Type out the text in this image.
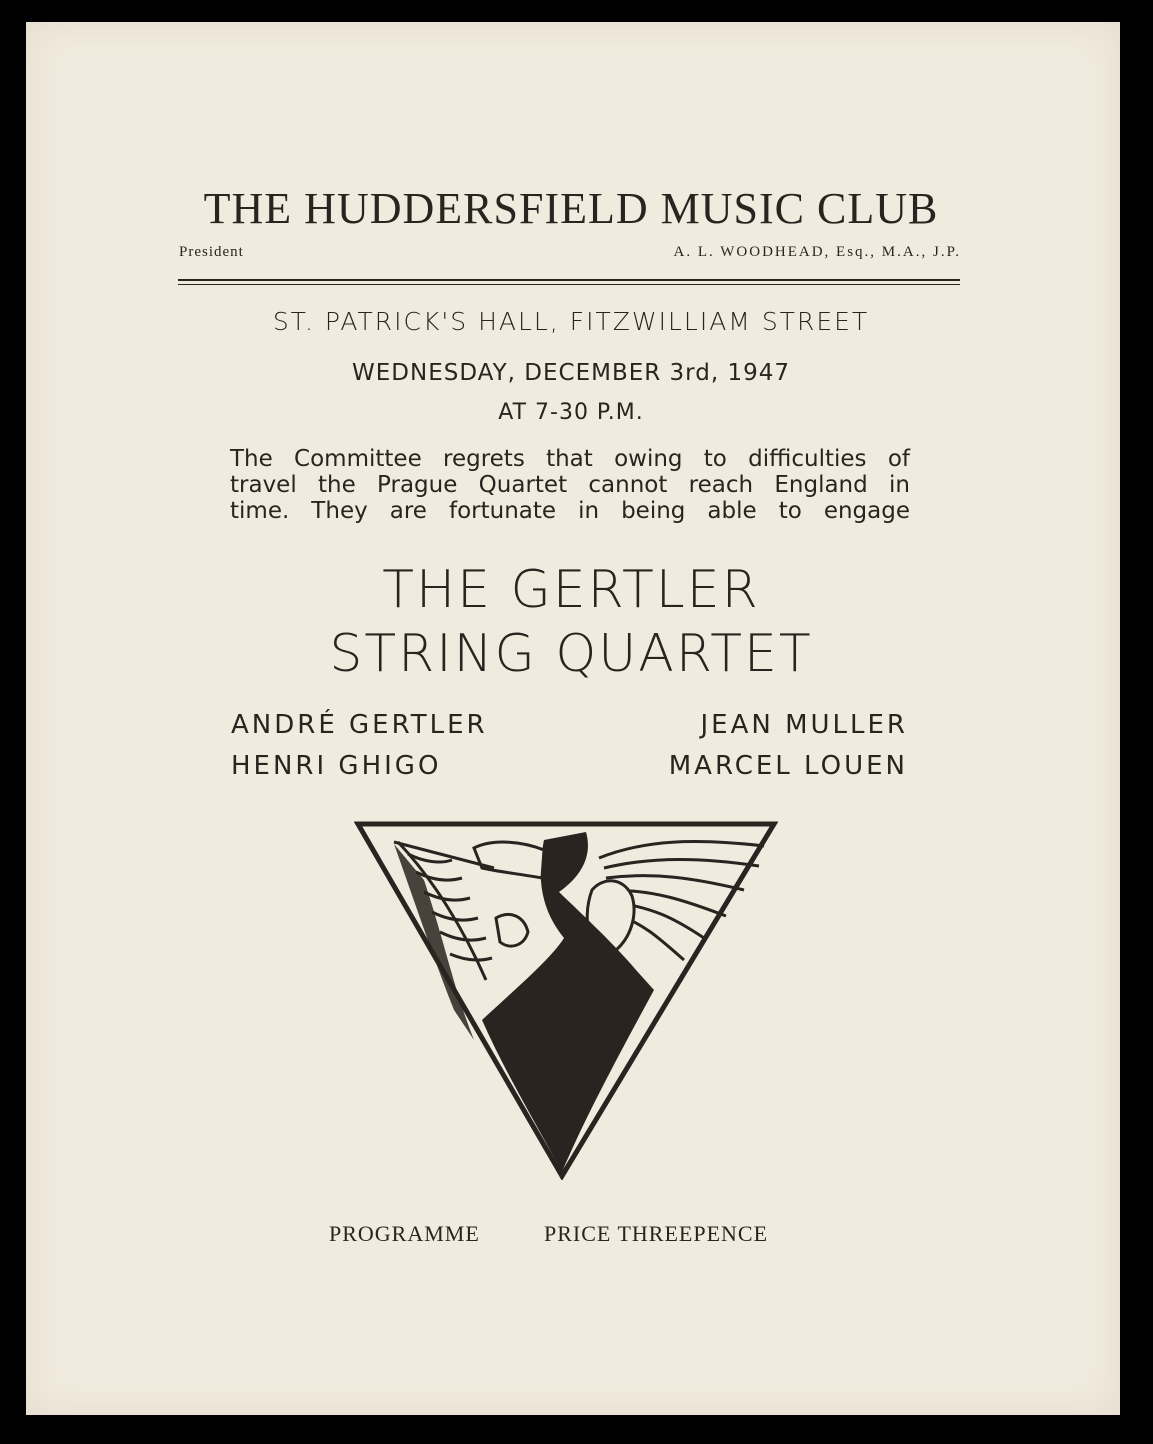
THE HUDDERSFIELD MUSIC CLUB
President	A. L. WOODHEAD, Esq., M.A., J.P.
ST. PATRICK'S HALL, FITZWILLIAM STREET
WEDNESDAY, DECEMBER 3rd, 1947
AT 7-30 P.M.
The Committee regrets that owing to difficulties of
travel the Prague Quartet cannot reach England in
time. They are fortunate in being able to engage
THE GERTLER
STRING QUARTET
ANDRÉ GERTLER	JEAN MULLER
HENRI GHIGO	MARCEL LOUEN
PROGRAMME	PRICE THREEPENCE
